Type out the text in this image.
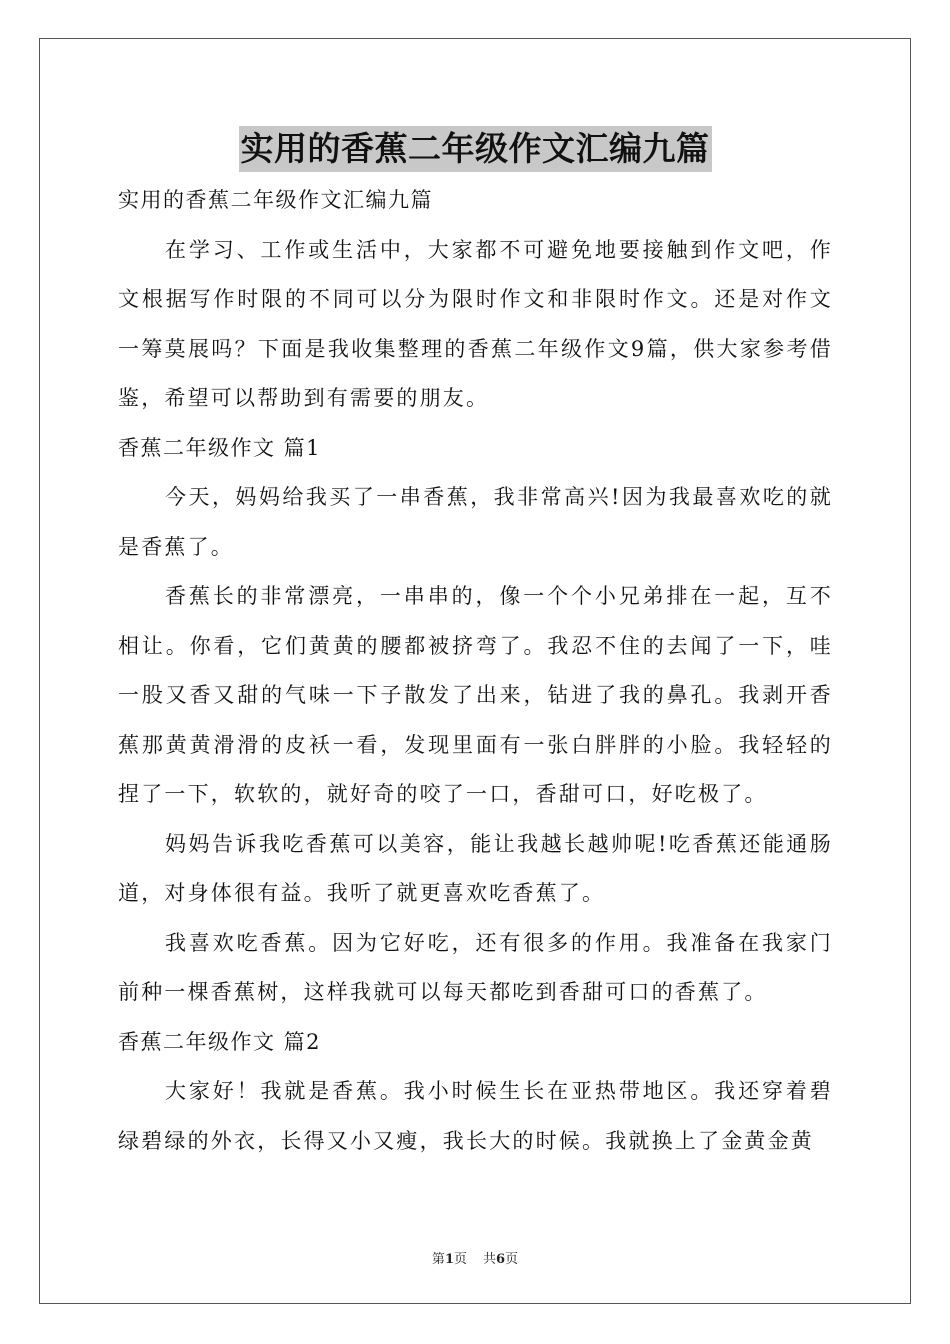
实用的香蕉二年级作文汇编九篇

实用的香蕉二年级作文汇编九篇

在学习、工作或生活中，大家都不可避免地要接触到作文吧，作文根据写作时限的不同可以分为限时作文和非限时作文。还是对作文一筹莫展吗？下面是我收集整理的香蕉二年级作文9篇，供大家参考借鉴，希望可以帮助到有需要的朋友。

香蕉二年级作文 篇1

今天，妈妈给我买了一串香蕉，我非常高兴!因为我最喜欢吃的就是香蕉了。

香蕉长的非常漂亮，一串串的，像一个个小兄弟排在一起，互不相让。你看，它们黄黄的腰都被挤弯了。我忍不住的去闻了一下，哇一股又香又甜的气味一下子散发了出来，钻进了我的鼻孔。我剥开香蕉那黄黄滑滑的皮袄一看，发现里面有一张白胖胖的小脸。我轻轻的捏了一下，软软的，就好奇的咬了一口，香甜可口，好吃极了。

妈妈告诉我吃香蕉可以美容，能让我越长越帅呢!吃香蕉还能通肠道，对身体很有益。我听了就更喜欢吃香蕉了。

我喜欢吃香蕉。因为它好吃，还有很多的作用。我准备在我家门前种一棵香蕉树，这样我就可以每天都吃到香甜可口的香蕉了。

香蕉二年级作文 篇2

大家好！我就是香蕉。我小时候生长在亚热带地区。我还穿着碧绿碧绿的外衣，长得又小又瘦，我长大的时候。我就换上了金黄金黄

第1页 共6页
